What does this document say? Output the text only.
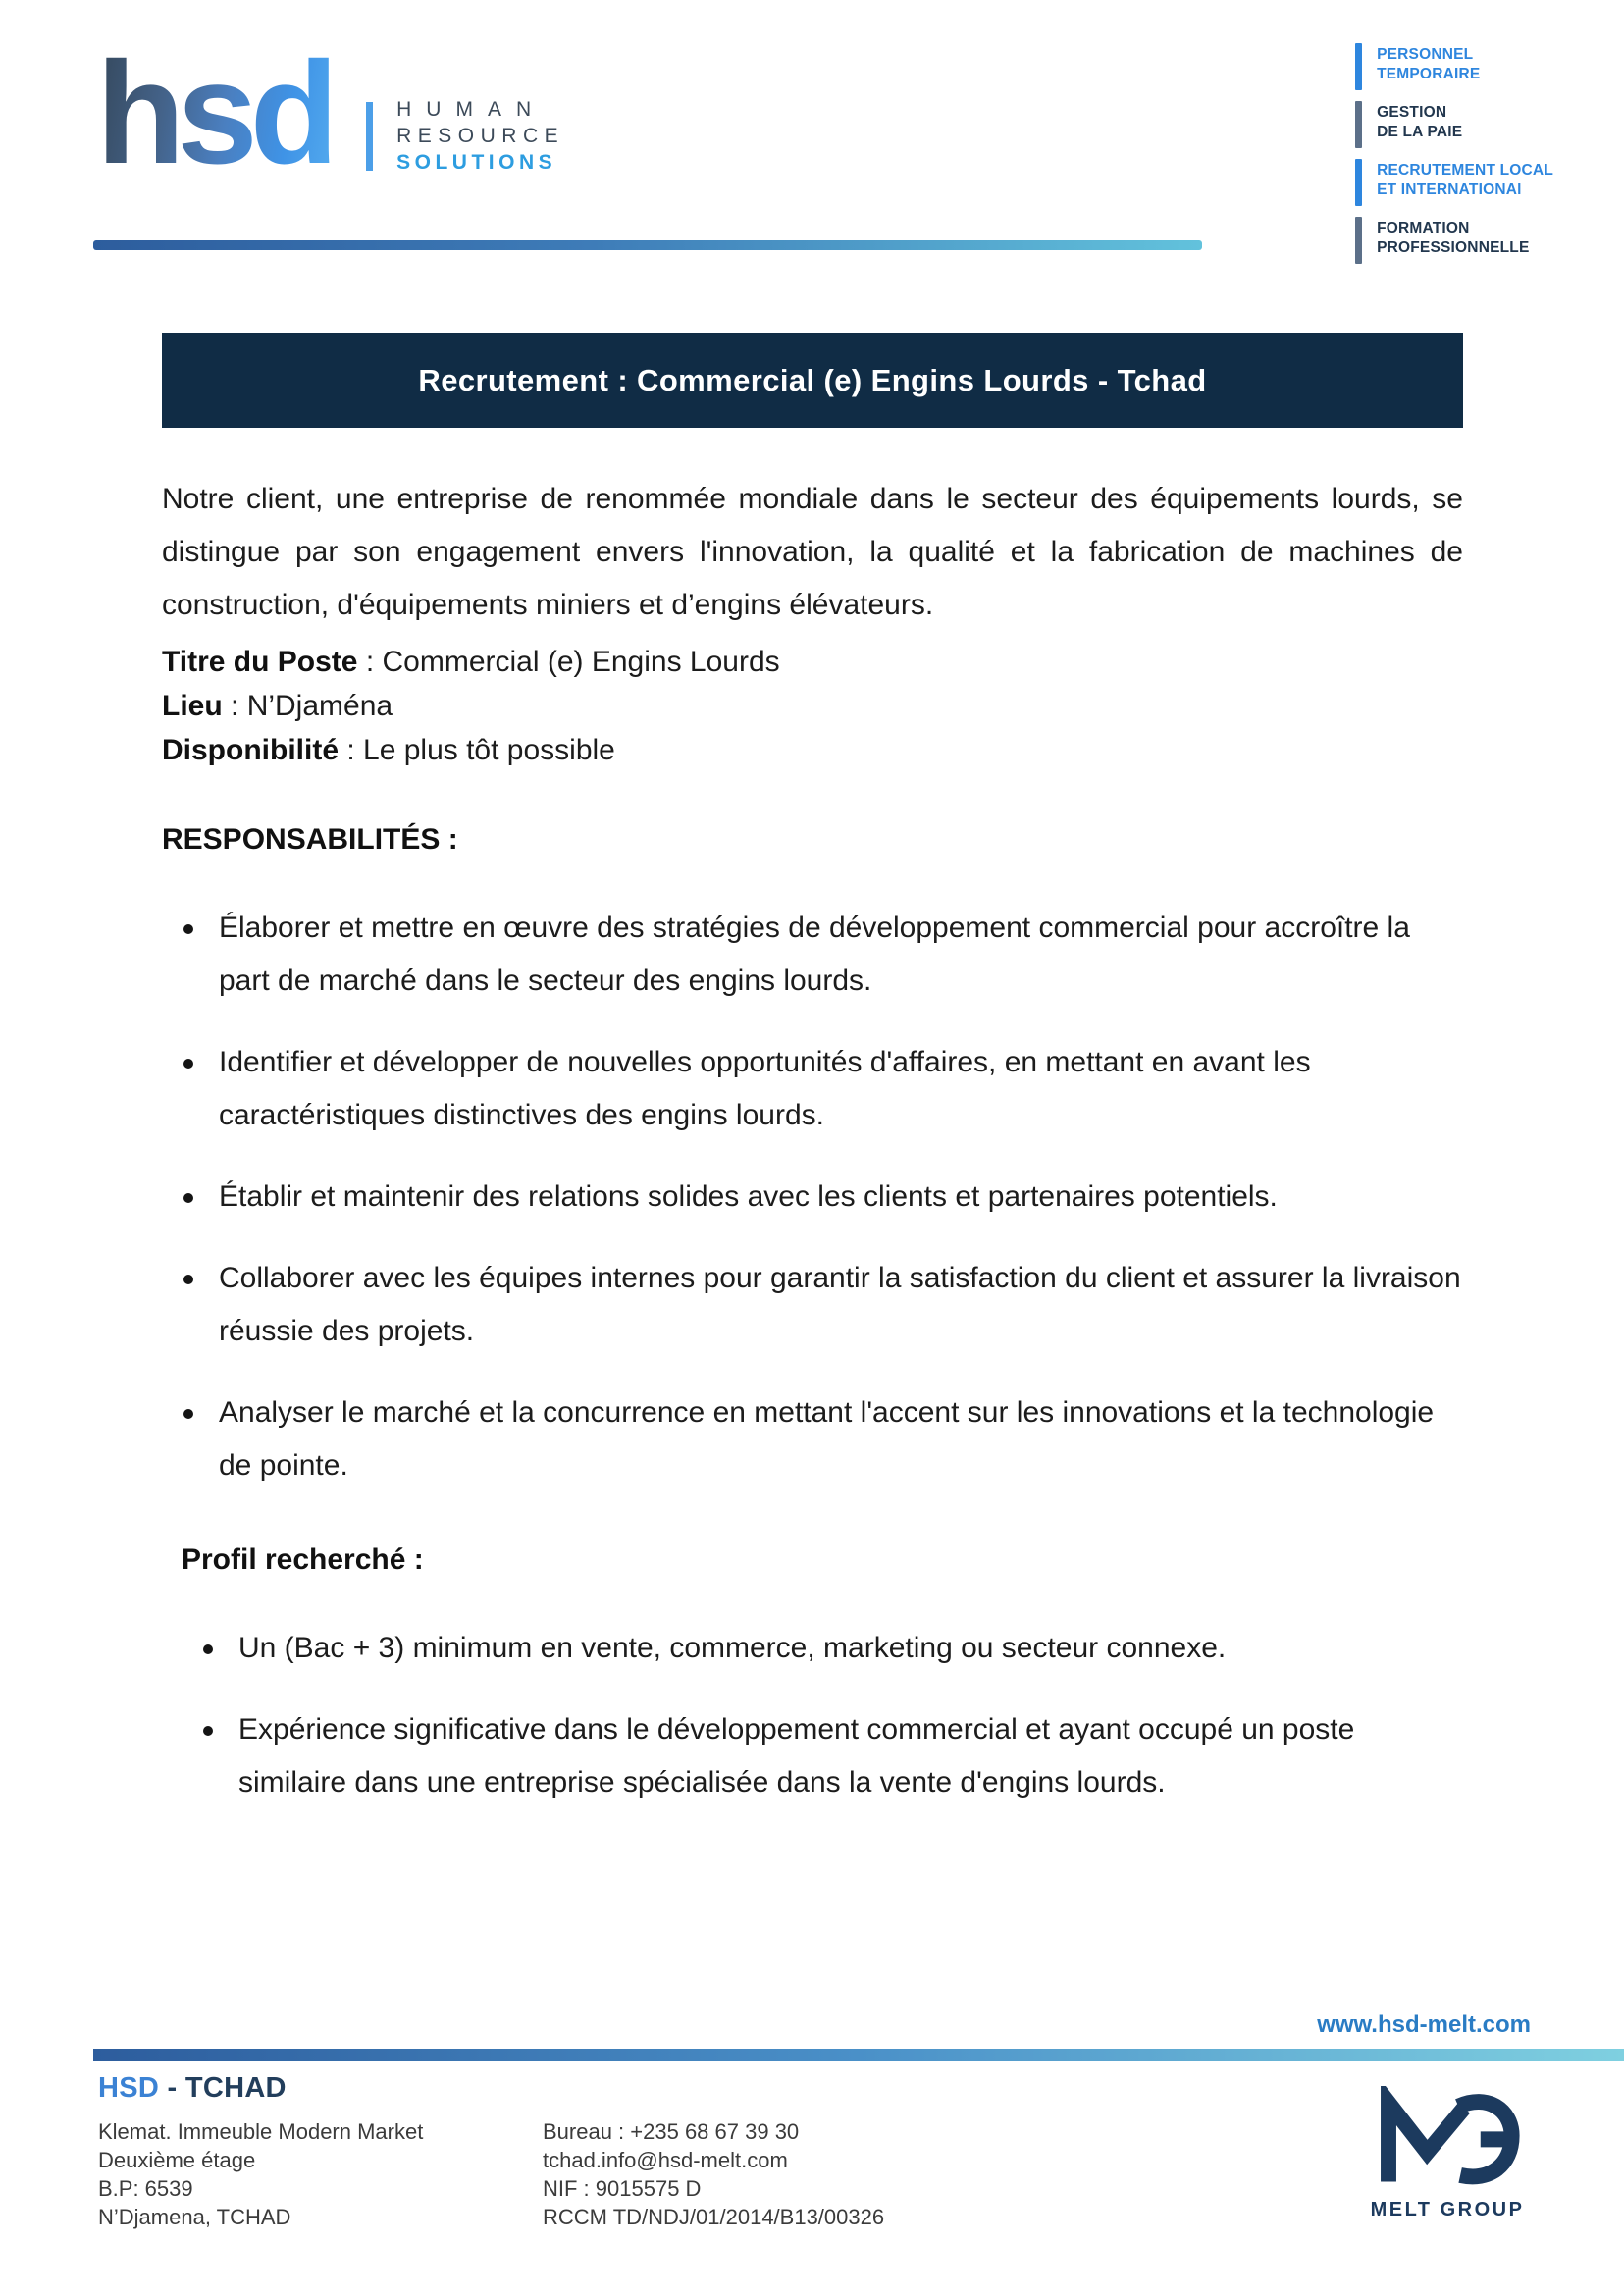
hsd	HUMAN
RESOURCE
SOLUTIONS
PERSONNEL
TEMPORAIRE
GESTION
DE LA PAIE
RECRUTEMENT LOCAL
ET INTERNATIONAl
FORMATION
PROFESSIONNELLE
Recrutement : Commercial (e) Engins Lourds - Tchad

Notre client, une entreprise de renommée mondiale dans le secteur des équipements lourds, se distingue par son engagement envers l'innovation, la qualité et la fabrication de machines de construction, d'équipements miniers et d’engins élévateurs.

Titre du Poste : Commercial (e) Engins Lourds
Lieu : N’Djaména
Disponibilité : Le plus tôt possible
RESPONSABILITÉS :
Élaborer et mettre en œuvre des stratégies de développement commercial pour accroître la part de marché dans le secteur des engins lourds.
Identifier et développer de nouvelles opportunités d'affaires, en mettant en avant les caractéristiques distinctives des engins lourds.
Établir et maintenir des relations solides avec les clients et partenaires potentiels.
Collaborer avec les équipes internes pour garantir la satisfaction du client et assurer la livraison réussie des projets.
Analyser le marché et la concurrence en mettant l'accent sur les innovations et la technologie de pointe.
Profil recherché :
Un (Bac + 3) minimum en vente, commerce, marketing ou secteur connexe.
Expérience significative dans le développement commercial et ayant occupé un poste similaire dans une entreprise spécialisée dans la vente d'engins lourds.
www.hsd-melt.com
HSD - TCHAD
Klemat. Immeuble Modern Market
Deuxième étage
B.P: 6539
N’Djamena, TCHAD
Bureau : +235 68 67 39 30
tchad.info@hsd-melt.com
NIF : 9015575 D
RCCM TD/NDJ/01/2014/B13/00326	MELT GROUP
